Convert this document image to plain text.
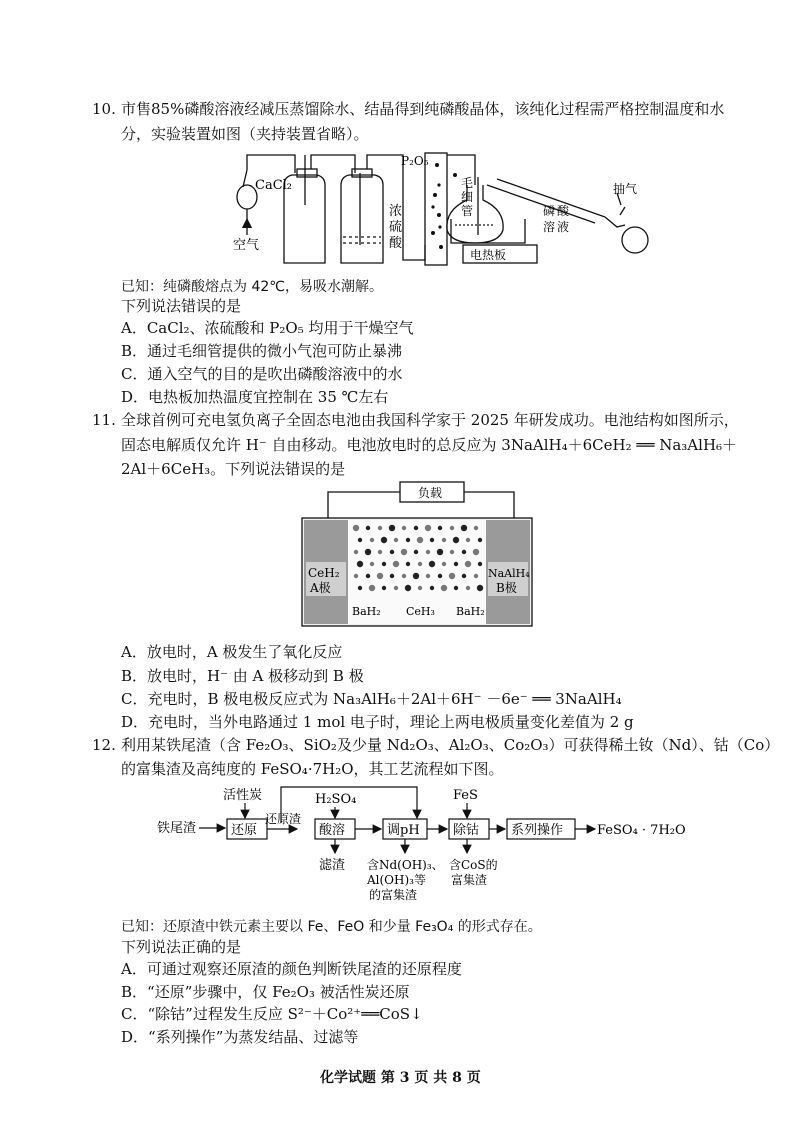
10. 市售85%磷酸溶液经减压蒸馏除水、结晶得到纯磷酸晶体，该纯化过程需严格控制温度和水
分，实验装置如图（夹持装置省略）。
CaCl₂
空气
P₂O₅
浓
硫
酸
毛
细
管	磷 酸
溶 液
电热板
抽气
已知：纯磷酸熔点为 42℃，易吸水潮解。
下列说法错误的是
A．CaCl₂、浓硫酸和 P₂O₅ 均用于干燥空气
B．通过毛细管提供的微小气泡可防止暴沸
C．通入空气的目的是吹出磷酸溶液中的水
D．电热板加热温度宜控制在 35 ℃左右
11. 全球首例可充电氢负离子全固态电池由我国科学家于 2025 年研发成功。电池结构如图所示，
固态电解质仅允许 H⁻ 自由移动。电池放电时的总反应为 3NaAlH₄＋6CeH₂ ══ Na₃AlH₆＋
2Al＋6CeH₃。下列说法错误的是
CeH₂
A极
NaAlH₄
B极
负载
BaH₂ CeH₃ BaH₂
A．放电时，A 极发生了氧化反应
B．放电时，H⁻ 由 A 极移动到 B 极
C．充电时，B 极电极反应式为 Na₃AlH₆＋2Al＋6H⁻ －6e⁻ ══ 3NaAlH₄
D．充电时，当外电路通过 1 mol 电子时，理论上两电极质量变化差值为 2 g
12. 利用某铁尾渣（含 Fe₂O₃、SiO₂及少量 Nd₂O₃、Al₂O₃、Co₂O₃）可获得稀土钕（Nd）、钴（Co）
的富集渣及高纯度的 FeSO₄·7H₂O，其工艺流程如下图。
铁尾渣
活性炭
还原
还原渣
H₂SO₄
酸溶
滤渣
调pH
含Nd(OH)₃、
Al(OH)₃等
的富集渣
FeS
除钴
含CoS的
富集渣
系列操作	FeSO₄ · 7H₂O
已知：还原渣中铁元素主要以 Fe、FeO 和少量 Fe₃O₄ 的形式存在。
下列说法正确的是
A．可通过观察还原渣的颜色判断铁尾渣的还原程度
B．“还原”步骤中，仅 Fe₂O₃ 被活性炭还原
C．“除钴”过程发生反应 S²⁻＋Co²⁺══CoS↓
D．“系列操作”为蒸发结晶、过滤等
化学试题 第 3 页 共 8 页
